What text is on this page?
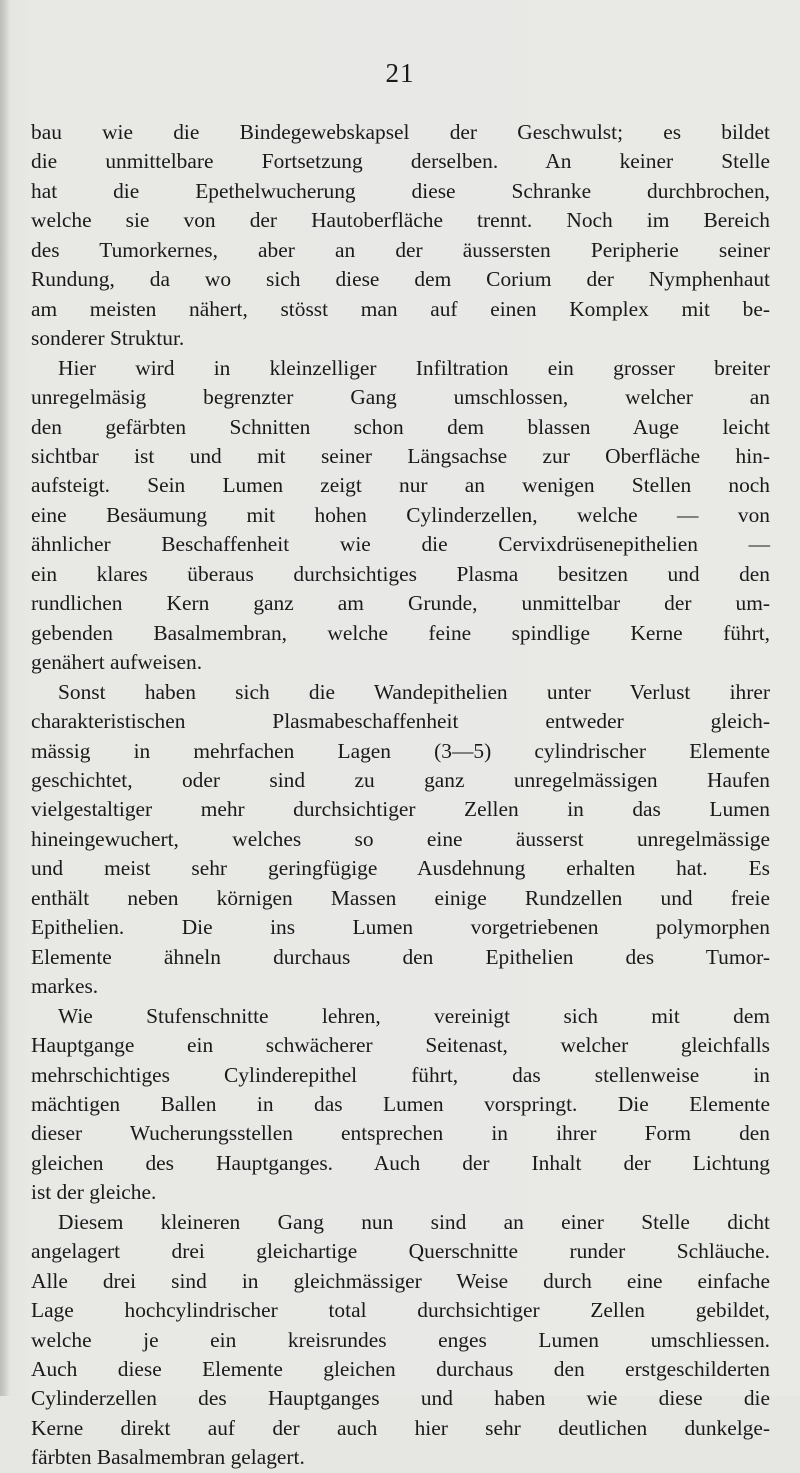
21
bau wie die Bindegewebskapsel der Geschwulst; es bildet
die unmittelbare Fortsetzung derselben. An keiner Stelle
hat die Epethelwucherung diese Schranke durchbrochen,
welche sie von der Hautoberfläche trennt. Noch im Bereich
des Tumorkernes, aber an der äussersten Peripherie seiner
Rundung, da wo sich diese dem Corium der Nymphenhaut
am meisten nähert, stösst man auf einen Komplex mit be-
sonderer Struktur.
Hier wird in kleinzelliger Infiltration ein grosser breiter
unregelmäsig begrenzter Gang umschlossen, welcher an
den gefärbten Schnitten schon dem blassen Auge leicht
sichtbar ist und mit seiner Längsachse zur Oberfläche hin-
aufsteigt. Sein Lumen zeigt nur an wenigen Stellen noch
eine Besäumung mit hohen Cylinderzellen, welche — von
ähnlicher Beschaffenheit wie die Cervixdrüsenepithelien —
ein klares überaus durchsichtiges Plasma besitzen und den
rundlichen Kern ganz am Grunde, unmittelbar der um-
gebenden Basalmembran, welche feine spindlige Kerne führt,
genähert aufweisen.
Sonst haben sich die Wandepithelien unter Verlust ihrer
charakteristischen Plasmabeschaffenheit entweder gleich-
mässig in mehrfachen Lagen (3—5) cylindrischer Elemente
geschichtet, oder sind zu ganz unregelmässigen Haufen
vielgestaltiger mehr durchsichtiger Zellen in das Lumen
hineingewuchert, welches so eine äusserst unregelmässige
und meist sehr geringfügige Ausdehnung erhalten hat. Es
enthält neben körnigen Massen einige Rundzellen und freie
Epithelien. Die ins Lumen vorgetriebenen polymorphen
Elemente ähneln durchaus den Epithelien des Tumor-
markes.
Wie Stufenschnitte lehren, vereinigt sich mit dem
Hauptgange ein schwächerer Seitenast, welcher gleichfalls
mehrschichtiges Cylinderepithel führt, das stellenweise in
mächtigen Ballen in das Lumen vorspringt. Die Elemente
dieser Wucherungsstellen entsprechen in ihrer Form den
gleichen des Hauptganges. Auch der Inhalt der Lichtung
ist der gleiche.
Diesem kleineren Gang nun sind an einer Stelle dicht
angelagert drei gleichartige Querschnitte runder Schläuche.
Alle drei sind in gleichmässiger Weise durch eine einfache
Lage hochcylindrischer total durchsichtiger Zellen gebildet,
welche je ein kreisrundes enges Lumen umschliessen.
Auch diese Elemente gleichen durchaus den erstgeschilderten
Cylinderzellen des Hauptganges und haben wie diese die
Kerne direkt auf der auch hier sehr deutlichen dunkelge-
färbten Basalmembran gelagert.
